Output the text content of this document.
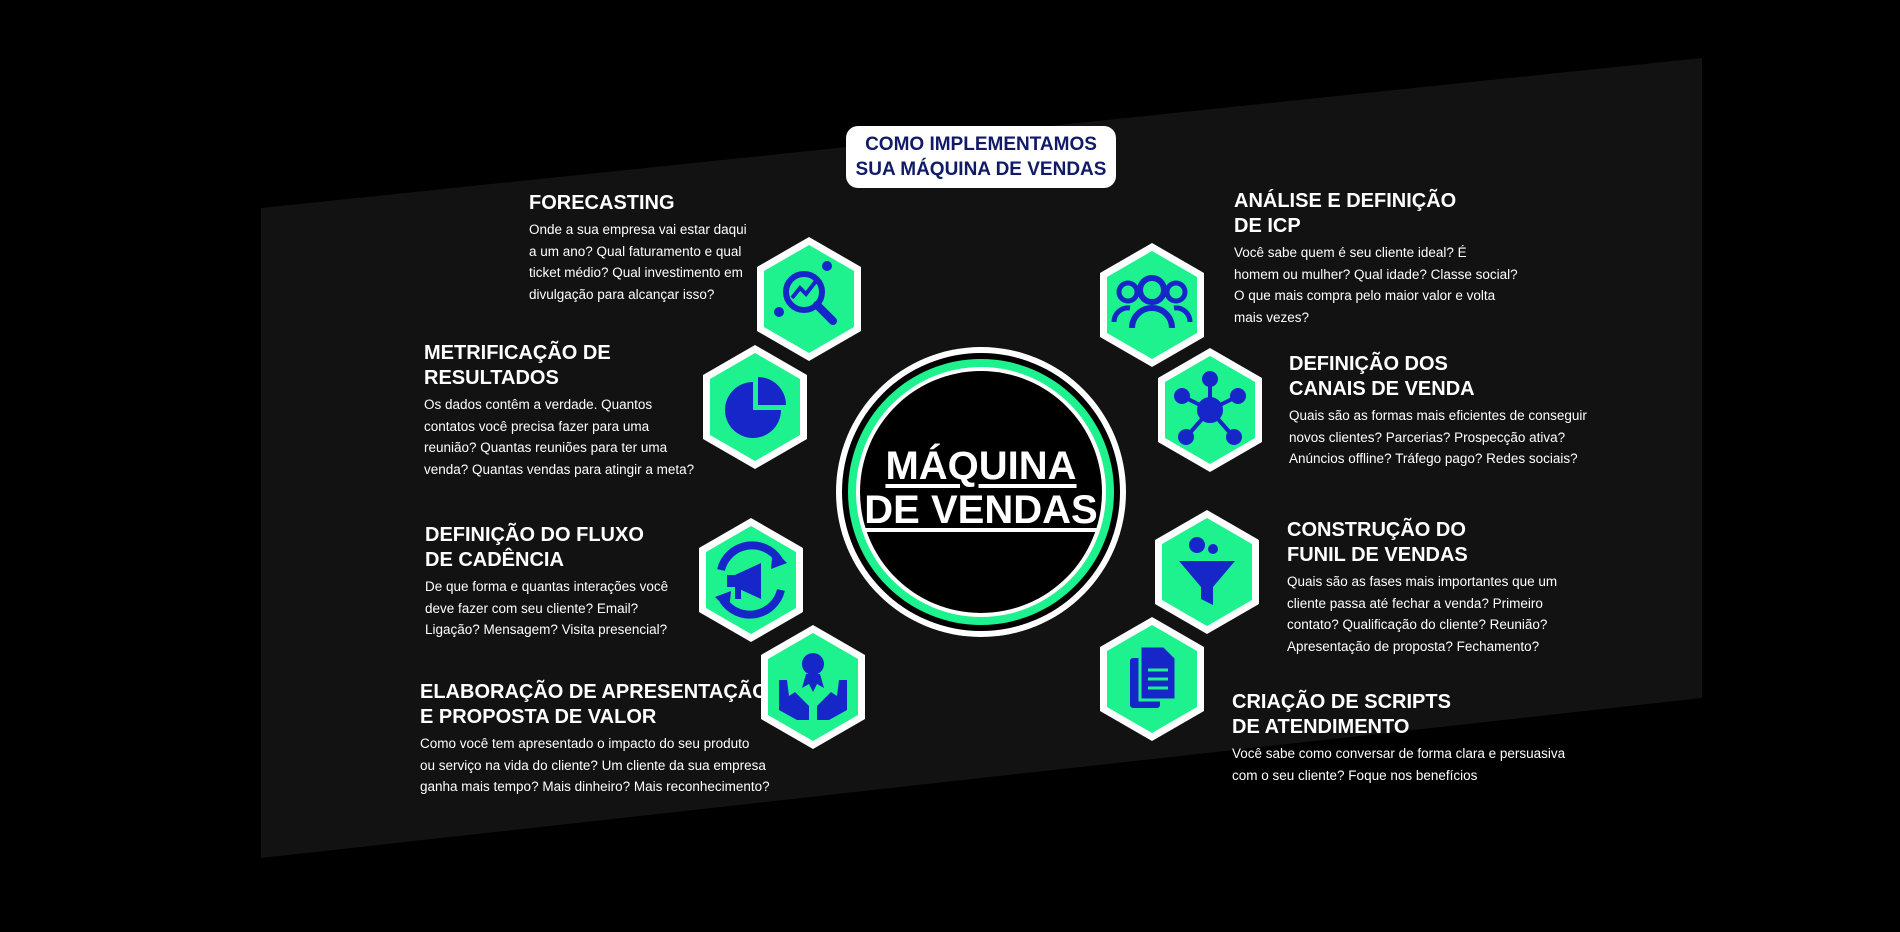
COMO IMPLEMENTAMOS
SUA MÁQUINA DE VENDAS
MÁQUINA
DE VENDAS
FORECASTING
Onde a sua empresa vai estar daqui
a um ano? Qual faturamento e qual
ticket médio? Qual investimento em
divulgação para alcançar isso?
METRIFICAÇÃO DE
RESULTADOS
Os dados contêm a verdade. Quantos
contatos você precisa fazer para uma
reunião? Quantas reuniões para ter uma
venda? Quantas vendas para atingir a meta?
DEFINIÇÃO DO FLUXO
DE CADÊNCIA
De que forma e quantas interações você
deve fazer com seu cliente? Email?
Ligação? Mensagem? Visita presencial?
ELABORAÇÃO DE APRESENTAÇÃO
E PROPOSTA DE VALOR
Como você tem apresentado o impacto do seu produto
ou serviço na vida do cliente? Um cliente da sua empresa
ganha mais tempo? Mais dinheiro? Mais reconhecimento?
ANÁLISE E DEFINIÇÃO
DE ICP
Você sabe quem é seu cliente ideal? É
homem ou mulher? Qual idade? Classe social?
O que mais compra pelo maior valor e volta
mais vezes?
DEFINIÇÃO DOS
CANAIS DE VENDA
Quais são as formas mais eficientes de conseguir
novos clientes? Parcerias? Prospecção ativa?
Anúncios offline? Tráfego pago? Redes sociais?
CONSTRUÇÃO DO
FUNIL DE VENDAS
Quais são as fases mais importantes que um
cliente passa até fechar a venda? Primeiro
contato? Qualificação do cliente? Reunião?
Apresentação de proposta? Fechamento?
CRIAÇÃO DE SCRIPTS
DE ATENDIMENTO
Você sabe como conversar de forma clara e persuasiva
com o seu cliente? Foque nos benefícios
